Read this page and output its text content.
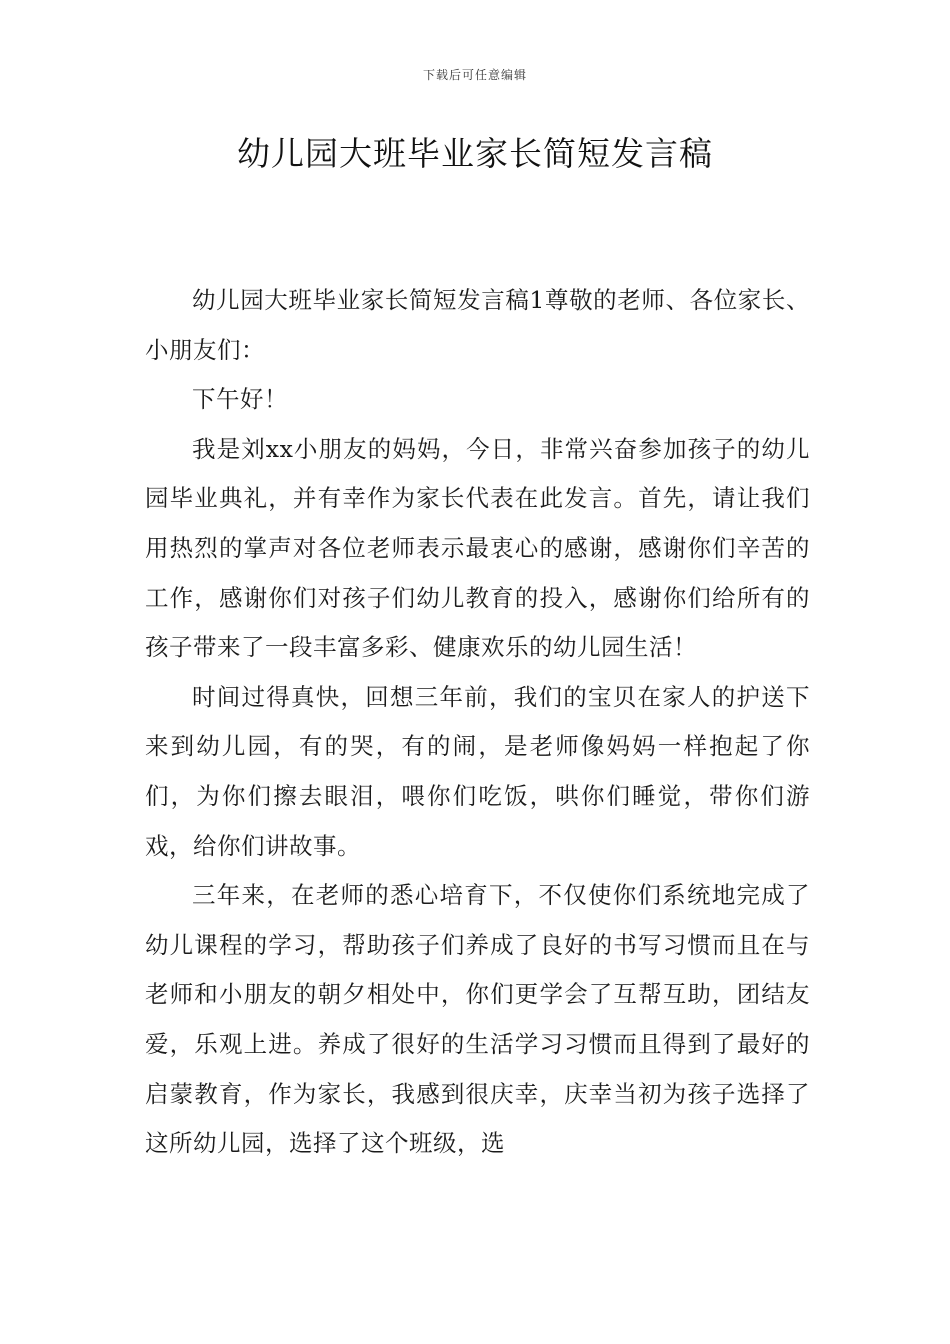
下载后可任意编辑
幼儿园大班毕业家长简短发言稿

幼儿园大班毕业家长简短发言稿1尊敬的老师、各位家长、小朋友们：

下午好！

我是刘xx小朋友的妈妈，今日，非常兴奋参加孩子的幼儿园毕业典礼，并有幸作为家长代表在此发言。首先，请让我们用热烈的掌声对各位老师表示最衷心的感谢，感谢你们辛苦的工作，感谢你们对孩子们幼儿教育的投入，感谢你们给所有的孩子带来了一段丰富多彩、健康欢乐的幼儿园生活！

时间过得真快，回想三年前，我们的宝贝在家人的护送下来到幼儿园，有的哭，有的闹，是老师像妈妈一样抱起了你们，为你们擦去眼泪，喂你们吃饭，哄你们睡觉，带你们游戏，给你们讲故事。

三年来，在老师的悉心培育下，不仅使你们系统地完成了幼儿课程的学习，帮助孩子们养成了良好的书写习惯而且在与老师和小朋友的朝夕相处中，你们更学会了互帮互助，团结友爱，乐观上进。养成了很好的生活学习习惯而且得到了最好的启蒙教育，作为家长，我感到很庆幸，庆幸当初为孩子选择了这所幼儿园，选择了这个班级，选
